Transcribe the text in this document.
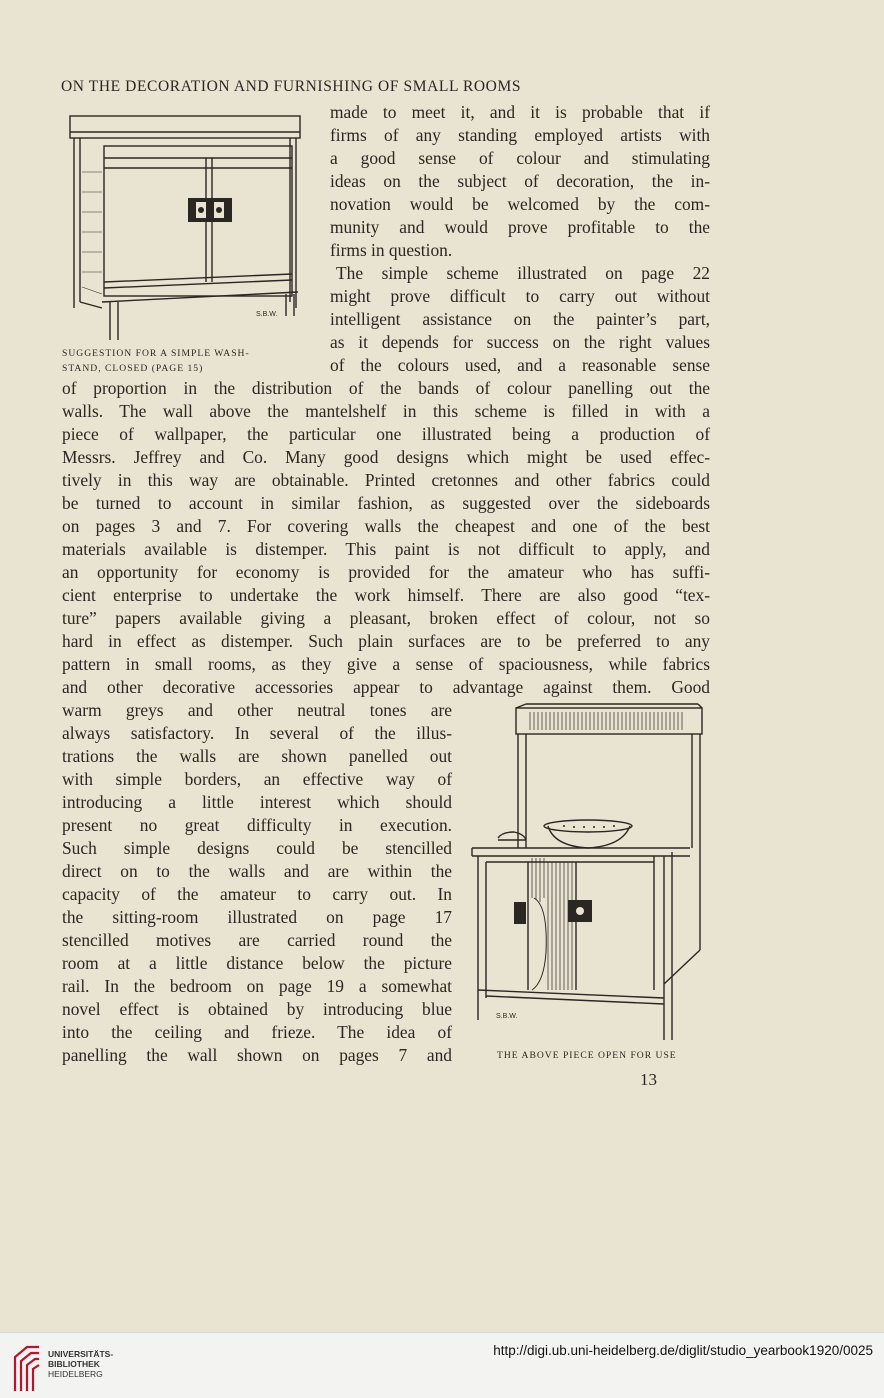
ON THE DECORATION AND FURNISHING OF SMALL ROOMS
S.B.W.
SUGGESTION FOR A SIMPLE WASH-
STAND, CLOSED (PAGE 15)
made to meet it, and it is probable that if
firms of any standing employed artists with
a good sense of colour and stimulating
ideas on the subject of decoration, the in-
novation would be welcomed by the com-
munity and would prove profitable to the
firms in question.
The simple scheme illustrated on page 22
might prove difficult to carry out without
intelligent assistance on the painter’s part,
as it depends for success on the right values
of the colours used, and a reasonable sense
of proportion in the distribution of the bands of colour panelling out the
walls. The wall above the mantelshelf in this scheme is filled in with a
piece of wallpaper, the particular one illustrated being a production of
Messrs. Jeffrey and Co. Many good designs which might be used effec-
tively in this way are obtainable. Printed cretonnes and other fabrics could
be turned to account in similar fashion, as suggested over the sideboards
on pages 3 and 7. For covering walls the cheapest and one of the best
materials available is distemper. This paint is not difficult to apply, and
an opportunity for economy is provided for the amateur who has suffi-
cient enterprise to undertake the work himself. There are also good “tex-
ture” papers available giving a pleasant, broken effect of colour, not so
hard in effect as distemper. Such plain surfaces are to be preferred to any
pattern in small rooms, as they give a sense of spaciousness, while fabrics
and other decorative accessories appear to advantage against them. Good
warm greys and other neutral tones are
always satisfactory. In several of the illus-
trations the walls are shown panelled out
with simple borders, an effective way of
introducing a little interest which should
present no great difficulty in execution.
Such simple designs could be stencilled
direct on to the walls and are within the
capacity of the amateur to carry out. In
the sitting-room illustrated on page 17
stencilled motives are carried round the
room at a little distance below the picture
rail. In the bedroom on page 19 a somewhat
novel effect is obtained by introducing blue
into the ceiling and frieze. The idea of
panelling the wall shown on pages 7 and
S.B.W.
THE ABOVE PIECE OPEN FOR USE
13
UNIVERSITÄTS-
BIBLIOTHEK
HEIDELBERG
http://digi.ub.uni-heidelberg.de/diglit/studio_yearbook1920/0025
